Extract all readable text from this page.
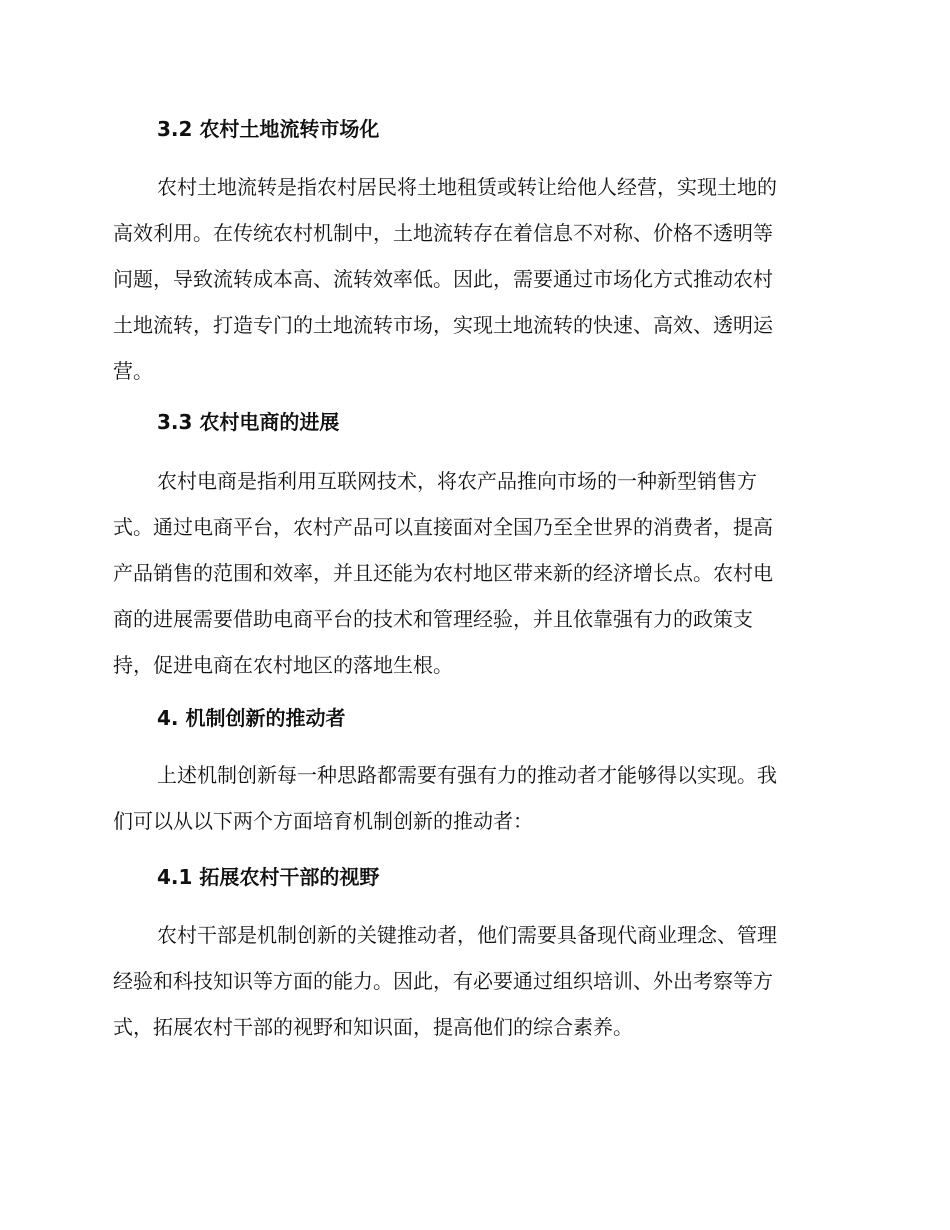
3.2 农村土地流转市场化
农村土地流转是指农村居民将土地租赁或转让给他人经营，实现土地的
高效利用。在传统农村机制中，土地流转存在着信息不对称、价格不透明等
问题，导致流转成本高、流转效率低。因此，需要通过市场化方式推动农村
土地流转，打造专门的土地流转市场，实现土地流转的快速、高效、透明运
营。
3.3 农村电商的进展
农村电商是指利用互联网技术，将农产品推向市场的一种新型销售方
式。通过电商平台，农村产品可以直接面对全国乃至全世界的消费者，提高
产品销售的范围和效率，并且还能为农村地区带来新的经济增长点。农村电
商的进展需要借助电商平台的技术和管理经验，并且依靠强有力的政策支
持，促进电商在农村地区的落地生根。
4. 机制创新的推动者
上述机制创新每一种思路都需要有强有力的推动者才能够得以实现。我
们可以从以下两个方面培育机制创新的推动者：
4.1 拓展农村干部的视野
农村干部是机制创新的关键推动者，他们需要具备现代商业理念、管理
经验和科技知识等方面的能力。因此，有必要通过组织培训、外出考察等方
式，拓展农村干部的视野和知识面，提高他们的综合素养。
